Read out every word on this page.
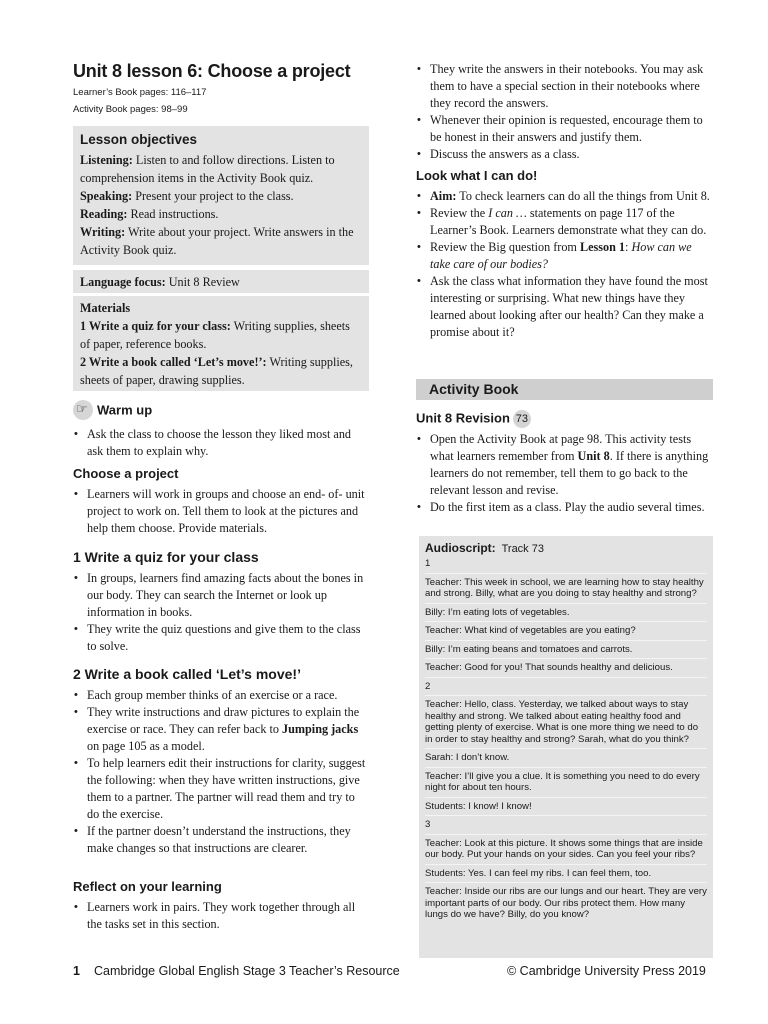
Unit 8 lesson 6: Choose a project
Learner’s Book pages: 116–117
Activity Book pages: 98–99
Lesson objectives

Listening: Listen to and follow directions. Listen to comprehension items in the Activity Book quiz.

Speaking: Present your project to the class.

Reading: Read instructions.

Writing: Write about your project. Write answers in the Activity Book quiz.

Language focus: Unit 8 Review

Materials

1 Write a quiz for your class: Writing supplies, sheets of paper, reference books.

2 Write a book called ‘Let’s move!’: Writing supplies, sheets of paper, drawing supplies.

☞Warm up
• Ask the class to choose the lesson they liked most and ask them to explain why.
Choose a project
• Learners will work in groups and choose an end- of- unit project to work on. Tell them to look at the pictures and help them choose. Provide materials.
1 Write a quiz for your class
• In groups, learners find amazing facts about the bones in our body. They can search the Internet or look up information in books.
• They write the quiz questions and give them to the class to solve.
2 Write a book called ‘Let’s move!’
• Each group member thinks of an exercise or a race.
• They write instructions and draw pictures to explain the exercise or race. They can refer back to Jumping jacks on page 105 as a model.
• To help learners edit their instructions for clarity, suggest the following: when they have written instructions, give them to a partner. The partner will read them and try to do the exercise.
• If the partner doesn’t understand the instructions, they make changes so that instructions are clearer.
Reflect on your learning
• Learners work in pairs. They work together through all the tasks set in this section.
• They write the answers in their notebooks. You may ask them to have a special section in their notebooks where they record the answers.
• Whenever their opinion is requested, encourage them to be honest in their answers and justify them.
• Discuss the answers as a class.
Look what I can do!
• Aim: To check learners can do all the things from Unit 8.
• Review the I can … statements on page 117 of the Learner’s Book. Learners demonstrate what they can do.
• Review the Big question from Lesson 1: How can we take care of our bodies?
• Ask the class what information they have found the most interesting or surprising. What new things have they learned about looking after our health? Can they make a promise about it?
Activity Book
Unit 8 Revision 73
• Open the Activity Book at page 98. This activity tests what learners remember from Unit 8. If there is anything learners do not remember, tell them to go back to the relevant lesson and revise.
• Do the first item as a class. Play the audio several times.
Audioscript: Track 73

1

Teacher: This week in school, we are learning how to stay healthy and strong. Billy, what are you doing to stay healthy and strong?

Billy: I’m eating lots of vegetables.

Teacher: What kind of vegetables are you eating?

Billy: I’m eating beans and tomatoes and carrots.

Teacher: Good for you! That sounds healthy and delicious.

2

Teacher: Hello, class. Yesterday, we talked about ways to stay healthy and strong. We talked about eating healthy food and getting plenty of exercise. What is one more thing we need to do in order to stay healthy and strong? Sarah, what do you think?

Sarah: I don’t know.

Teacher: I’ll give you a clue. It is something you need to do every night for about ten hours.

Students: I know! I know!

3

Teacher: Look at this picture. It shows some things that are inside our body. Put your hands on your sides. Can you feel your ribs?

Students: Yes. I can feel my ribs. I can feel them, too.

Teacher: Inside our ribs are our lungs and our heart. They are very important parts of our body. Our ribs protect them. How many lungs do we have? Billy, do you know?

1 Cambridge Global English Stage 3 Teacher’s Resource	© Cambridge University Press 2019
